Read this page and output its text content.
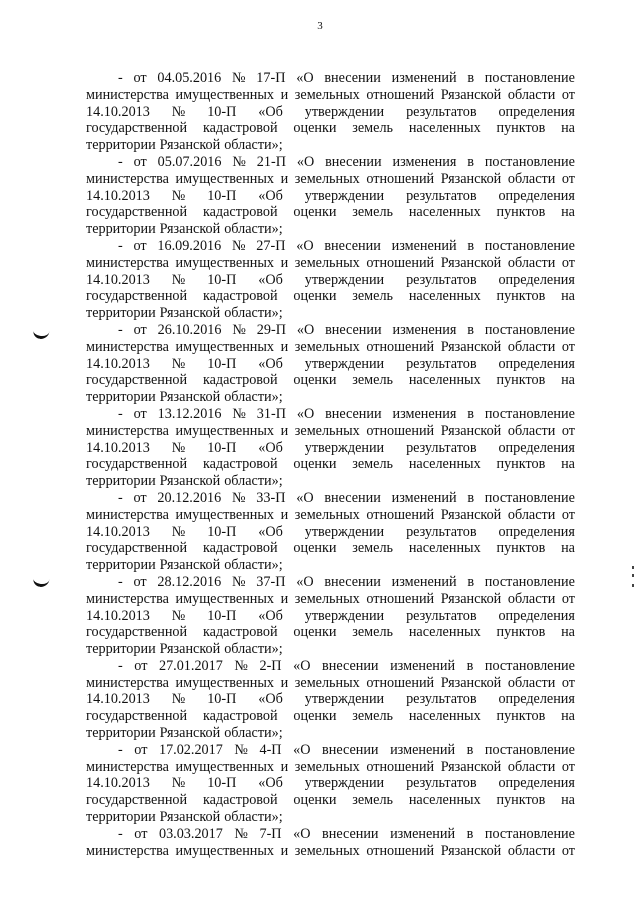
3
- от 04.05.2016 № 17-П «О внесении изменений в постановление
министерства имущественных и земельных отношений Рязанской области от
14.10.2013 № 10-П «Об утверждении результатов определения
государственной кадастровой оценки земель населенных пунктов на
территории Рязанской области»;
- от 05.07.2016 № 21-П «О внесении изменения в постановление
министерства имущественных и земельных отношений Рязанской области от
14.10.2013 № 10-П «Об утверждении результатов определения
государственной кадастровой оценки земель населенных пунктов на
территории Рязанской области»;
- от 16.09.2016 № 27-П «О внесении изменений в постановление
министерства имущественных и земельных отношений Рязанской области от
14.10.2013 № 10-П «Об утверждении результатов определения
государственной кадастровой оценки земель населенных пунктов на
территории Рязанской области»;
- от 26.10.2016 № 29-П «О внесении изменения в постановление
министерства имущественных и земельных отношений Рязанской области от
14.10.2013 № 10-П «Об утверждении результатов определения
государственной кадастровой оценки земель населенных пунктов на
территории Рязанской области»;
- от 13.12.2016 № 31-П «О внесении изменения в постановление
министерства имущественных и земельных отношений Рязанской области от
14.10.2013 № 10-П «Об утверждении результатов определения
государственной кадастровой оценки земель населенных пунктов на
территории Рязанской области»;
- от 20.12.2016 № 33-П «О внесении изменений в постановление
министерства имущественных и земельных отношений Рязанской области от
14.10.2013 № 10-П «Об утверждении результатов определения
государственной кадастровой оценки земель населенных пунктов на
территории Рязанской области»;
- от 28.12.2016 № 37-П «О внесении изменений в постановление
министерства имущественных и земельных отношений Рязанской области от
14.10.2013 № 10-П «Об утверждении результатов определения
государственной кадастровой оценки земель населенных пунктов на
территории Рязанской области»;
- от 27.01.2017 № 2-П «О внесении изменений в постановление
министерства имущественных и земельных отношений Рязанской области от
14.10.2013 № 10-П «Об утверждении результатов определения
государственной кадастровой оценки земель населенных пунктов на
территории Рязанской области»;
- от 17.02.2017 № 4-П «О внесении изменений в постановление
министерства имущественных и земельных отношений Рязанской области от
14.10.2013 № 10-П «Об утверждении результатов определения
государственной кадастровой оценки земель населенных пунктов на
территории Рязанской области»;
- от 03.03.2017 № 7-П «О внесении изменений в постановление
министерства имущественных и земельных отношений Рязанской области от
